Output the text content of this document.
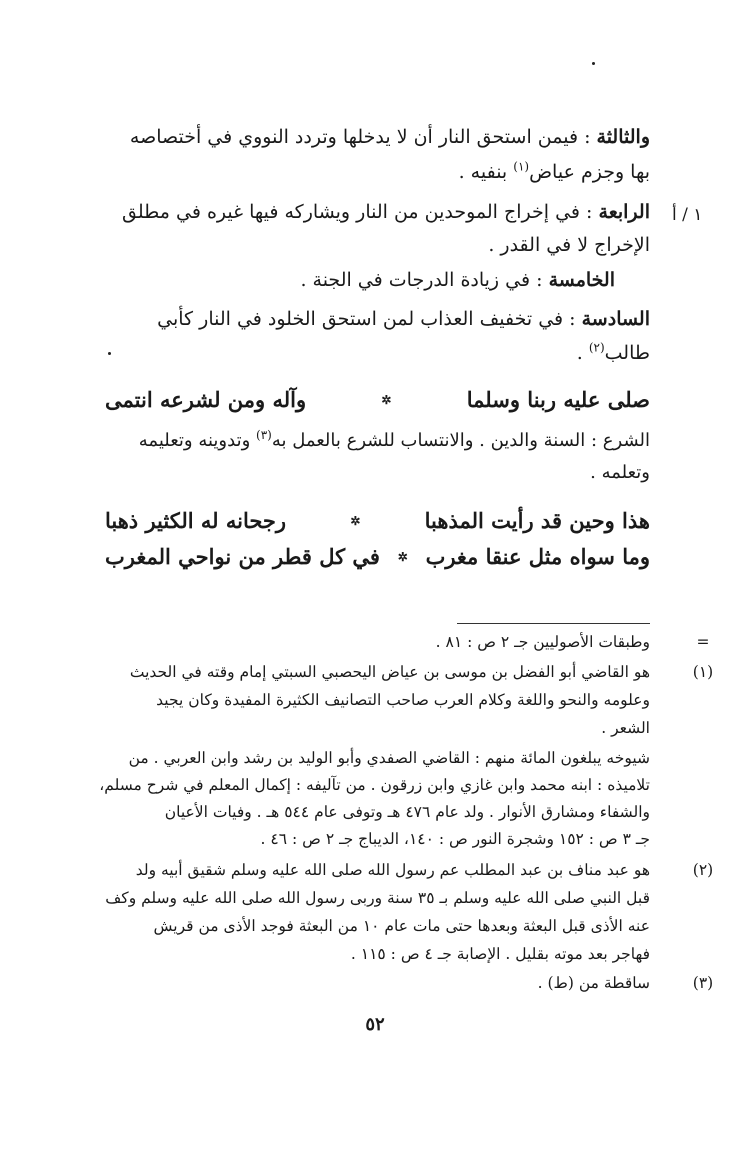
والثالثة : فيمن استحق النار أن لا يدخلها وتردد النووي في أختصاصه
بها وجزم عياض$^{(١)}$ بنفيه .
الرابعة : في إخراج الموحدين من النار ويشاركه فيها غيره في مطلق
الإخراج لا في القدر .
الخامسة : في زيادة الدرجات في الجنة .
السادسة : في تخفيف العذاب لمن استحق الخلود في النار كأبي
طالب$^{(٢)}$ .
صلى عليه ربنا وسلما
✲
وآله ومن لشرعه انتمى
الشرع : السنة والدين . والانتساب للشرع بالعمل به$^{(٣)}$ وتدوينه وتعليمه
وتعلمه .
هذا وحين قد رأيت المذهبا
✲
رجحانه له الكثير ذهبا
وما سواه مثل عنقا مغرب
✲
في كل قطر من نواحي المغرب
١ / أ
=
وطبقات الأصوليين جـ ٢ ص : ٨١ .
(١)
هو القاضي أبو الفضل بن موسى بن عياض اليحصبي السبتي إمام وقته في الحديث
وعلومه والنحو واللغة وكلام العرب صاحب التصانيف الكثيرة المفيدة وكان يجيد
الشعر .
شيوخه يبلغون المائة منهم : القاضي الصفدي وأبو الوليد بن رشد وابن العربي . من
تلاميذه : ابنه محمد وابن غازي وابن زرقون . من تآليفه : إكمال المعلم في شرح مسلم،
والشفاء ومشارق الأنوار . ولد عام ٤٧٦ هـ وتوفى عام ٥٤٤ هـ . وفيات الأعيان
جـ ٣ ص : ١٥٢ وشجرة النور ص : ١٤٠، الديباج جـ ٢ ص : ٤٦ .
(٢)
هو عبد مناف بن عبد المطلب عم رسول الله صلى الله عليه وسلم شقيق أبيه ولد
قبل النبي صلى الله عليه وسلم بـ ٣٥ سنة وربى رسول الله صلى الله عليه وسلم وكف
عنه الأذى قبل البعثة وبعدها حتى مات عام ١٠ من البعثة فوجد الأذى من قريش
فهاجر بعد موته بقليل . الإصابة جـ ٤ ص : ١١٥ .
(٣)
ساقطة من (ط) .
٥٢
